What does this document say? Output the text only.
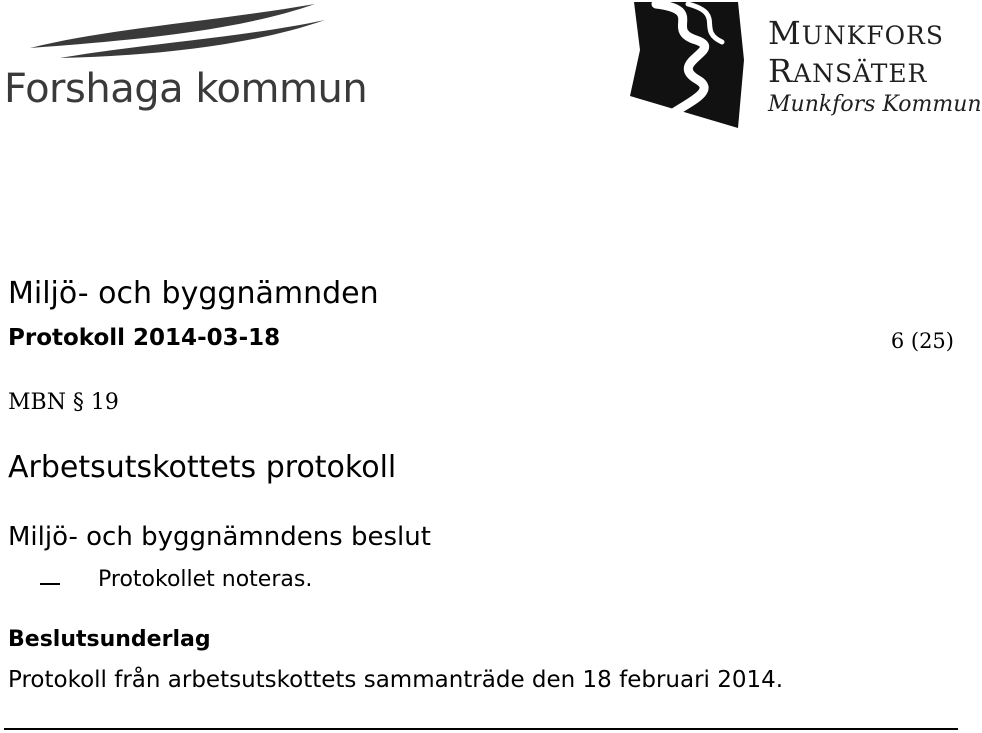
Forshaga kommun
MUNKFORS
RANSÄTER
Munkfors Kommun
Miljö- och byggnämnden
Protokoll 2014-03-18	6 (25)
MBN § 19
Arbetsutskottets protokoll
Miljö- och byggnämndens beslut
Protokollet noteras.
Beslutsunderlag
Protokoll från arbetsutskottets sammanträde den 18 februari 2014.
